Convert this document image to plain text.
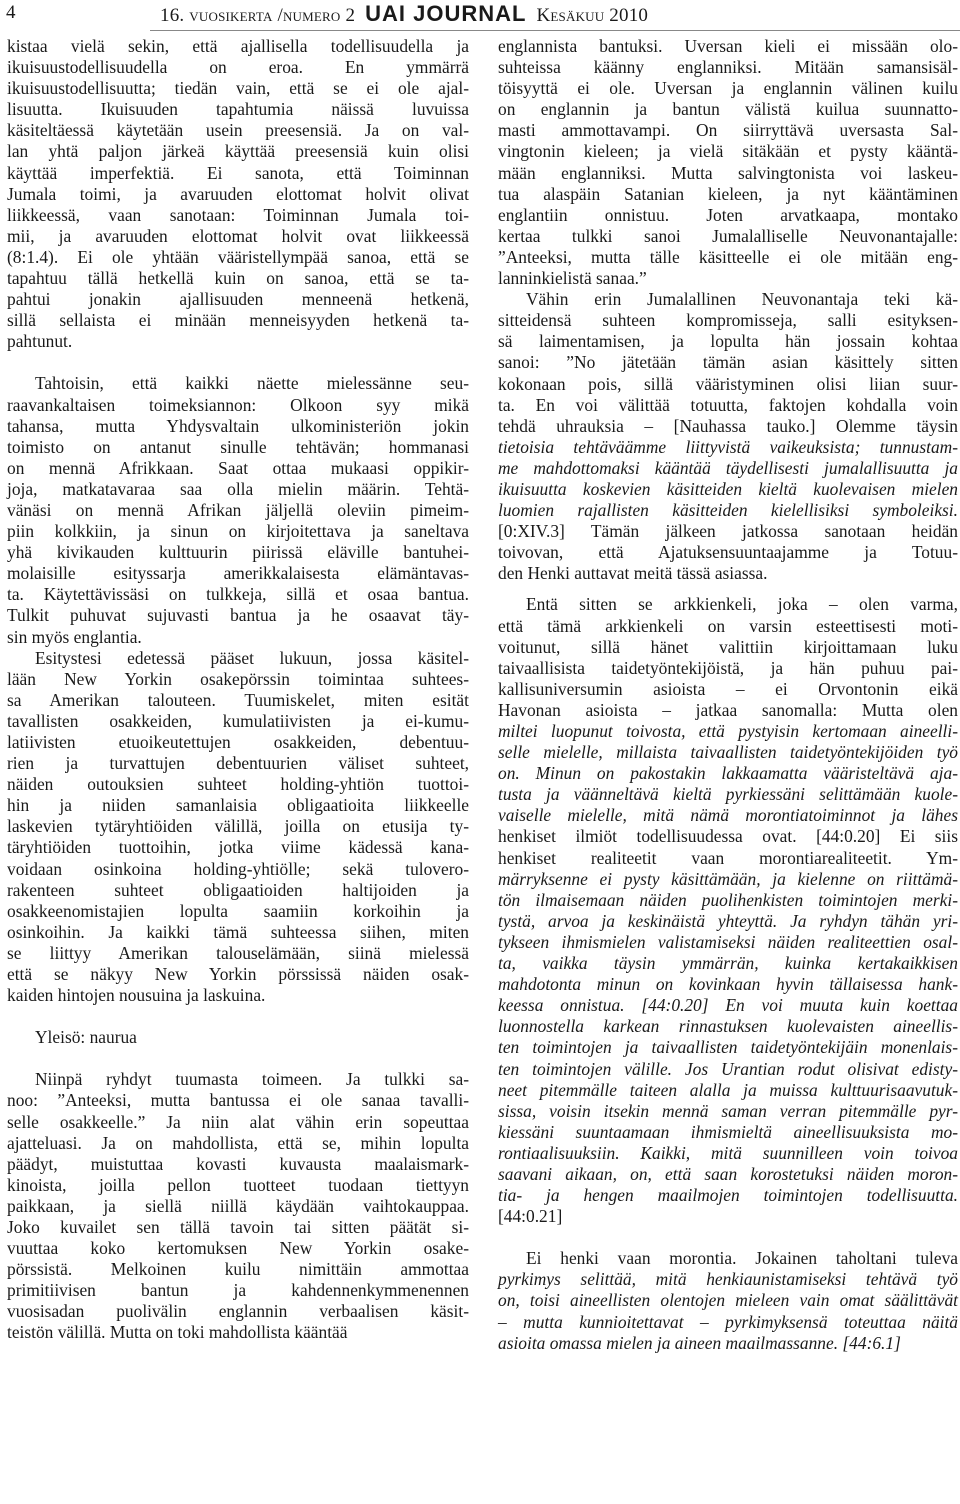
4	16. vuosikerta /numero 2 UAI JOURNAL Kesäkuu 2010
kistaa vielä sekin, että ajallisella todellisuudella ja
ikuisuustodellisuudella on eroa. En ymmärrä
ikuisuustodellisuutta; tiedän vain, että se ei ole ajal-
lisuutta. Ikuisuuden tapahtumia näissä luvuissa
käsiteltäessä käytetään usein preesensiä. Ja on val-
lan yhtä paljon järkeä käyttää preesensiä kuin olisi
käyttää imperfektiä. Ei sanota, että Toiminnan
Jumala toimi, ja avaruuden elottomat holvit olivat
liikkeessä, vaan sanotaan: Toiminnan Jumala toi-
mii, ja avaruuden elottomat holvit ovat liikkeessä
(8:1.4). Ei ole yhtään vääristellympää sanoa, että se
tapahtuu tällä hetkellä kuin on sanoa, että se ta-
pahtui jonakin ajallisuuden menneenä hetkenä,
sillä sellaista ei minään menneisyyden hetkenä ta-
pahtunut.
Tahtoisin, että kaikki näette mielessänne seu-
raavankaltaisen toimeksiannon: Olkoon syy mikä
tahansa, mutta Yhdysvaltain ulkoministeriön jokin
toimisto on antanut sinulle tehtävän; hommanasi
on mennä Afrikkaan. Saat ottaa mukaasi oppikir-
joja, matkatavaraa saa olla mielin määrin. Tehtä-
vänäsi on mennä Afrikan jäljellä oleviin pimeim-
piin kolkkiin, ja sinun on kirjoitettava ja saneltava
yhä kivikauden kulttuurin piirissä eläville bantuhei-
molaisille esityssarja amerikkalaisesta elämäntavas-
ta. Käytettävissäsi on tulkkeja, sillä et osaa bantua.
Tulkit puhuvat sujuvasti bantua ja he osaavat täy-
sin myös englantia.
Esitystesi edetessä pääset lukuun, jossa käsitel-
lään New Yorkin osakepörssin toimintaa suhtees-
sa Amerikan talouteen. Tuumiskelet, miten esität
tavallisten osakkeiden, kumulatiivisten ja ei-kumu-
latiivisten etuoikeutettujen osakkeiden, debentuu-
rien ja turvattujen debentuurien väliset suhteet,
näiden outouksien suhteet holding-yhtiön tuottoi-
hin ja niiden samanlaisia obligaatioita liikkeelle
laskevien tytäryhtiöiden välillä, joilla on etusija ty-
täryhtiöiden tuottoihin, jotka viime kädessä kana-
voidaan osinkoina holding-yhtiölle; sekä tulovero-
rakenteen suhteet obligaatioiden haltijoiden ja
osakkeenomistajien lopulta saamiin korkoihin ja
osinkoihin. Ja kaikki tämä suhteessa siihen, miten
se liittyy Amerikan talouselämään, siinä mielessä
että se näkyy New Yorkin pörssissä näiden osak-
kaiden hintojen nousuina ja laskuina.

Yleisö: naurua

Niinpä ryhdyt tuumasta toimeen. Ja tulkki sa-
noo: ”Anteeksi, mutta bantussa ei ole sanaa tavalli-
selle osakkeelle.” Ja niin alat vähin erin sopeuttaa
ajatteluasi. Ja on mahdollista, että se, mihin lopulta
päädyt, muistuttaa kovasti kuvausta maalaismark-
kinoista, joilla pellon tuotteet tuodaan tiettyyn
paikkaan, ja siellä niillä käydään vaihtokauppaa.
Joko kuvailet sen tällä tavoin tai sitten päätät si-
vuuttaa koko kertomuksen New Yorkin osake-
pörssistä. Melkoinen kuilu nimittäin ammottaa
primitiivisen bantun ja kahdennenkymmenennen
vuosisadan puolivälin englannin verbaalisen käsit-
teistön välillä. Mutta on toki mahdollista kääntää
englannista bantuksi. Uversan kieli ei missään olo-
suhteissa käänny englanniksi. Mitään samansisäl-
töisyyttä ei ole. Uversan ja englannin välinen kuilu
on englannin ja bantun välistä kuilua suunnatto-
masti ammottavampi. On siirryttävä uversasta Sal-
vingtonin kieleen; ja vielä sitäkään et pysty kääntä-
mään englanniksi. Mutta salvingtonista voi laskeu-
tua alaspäin Satanian kieleen, ja nyt kääntäminen
englantiin onnistuu. Joten arvatkaapa, montako
kertaa tulkki sanoi Jumalalliselle Neuvonantajalle:
”Anteeksi, mutta tälle käsitteelle ei ole mitään eng-
lanninkielistä sanaa.”
Vähin erin Jumalallinen Neuvonantaja teki kä-
sitteidensä suhteen kompromisseja, salli esityksen-
sä laimentamisen, ja lopulta hän jossain kohtaa
sanoi: ”No jätetään tämän asian käsittely sitten
kokonaan pois, sillä vääristyminen olisi liian suur-
ta. En voi välittää totuutta, faktojen kohdalla voin
tehdä uhrauksia – [Nauhassa tauko.] Olemme täysin
tietoisia tehtäväämme liittyvistä vaikeuksista; tunnustam-
me mahdottomaksi kääntää täydellisesti jumalallisuutta ja
ikuisuutta koskevien käsitteiden kieltä kuolevaisen mielen
luomien rajallisten käsitteiden kielellisiksi symboleiksi.
[0:XIV.3] Tämän jälkeen jatkossa sanotaan heidän
toivovan, että Ajatuksensuuntaajamme ja Totuu-
den Henki auttavat meitä tässä asiassa.
Entä sitten se arkkienkeli, joka – olen varma,
että tämä arkkienkeli on varsin esteettisesti moti-
voitunut, sillä hänet valittiin kirjoittamaan luku
taivaallisista taidetyöntekijöistä, ja hän puhuu pai-
kallisuniversumin asioista – ei Orvontonin eikä
Havonan asioista – jatkaa sanomalla: Mutta olen
miltei luopunut toivosta, että pystyisin kertomaan aineelli-
selle mielelle, millaista taivaallisten taidetyöntekijöiden työ
on. Minun on pakostakin lakkaamatta vääristeltävä aja-
tusta ja väänneltävä kieltä pyrkiessäni selittämään kuole-
vaiselle mielelle, mitä nämä morontiatoiminnot ja lähes
henkiset ilmiöt todellisuudessa ovat. [44:0.20] Ei siis
henkiset realiteetit vaan morontiarealiteetit. Ym-
märryksenne ei pysty käsittämään, ja kielenne on riittämä-
tön ilmaisemaan näiden puolihenkisten toimintojen merki-
tystä, arvoa ja keskinäistä yhteyttä. Ja ryhdyn tähän yri-
tykseen ihmismielen valistamiseksi näiden realiteettien osal-
ta, vaikka täysin ymmärrän, kuinka kertakaikkisen
mahdotonta minun on kovinkaan hyvin tällaisessa hank-
keessa onnistua. [44:0.20] En voi muuta kuin koettaa
luonnostella karkean rinnastuksen kuolevaisten aineellis-
ten toimintojen ja taivaallisten taidetyöntekijäin monenlais-
ten toimintojen välille. Jos Urantian rodut olisivat edisty-
neet pitemmälle taiteen alalla ja muissa kulttuurisaavutuk-
sissa, voisin itsekin mennä saman verran pitemmälle pyr-
kiessäni suuntaamaan ihmismieltä aineellisuuksista mo-
rontiaalisuuksiin. Kaikki, mitä suunnilleen voin toivoa
saavani aikaan, on, että saan korostetuksi näiden moron-
tia- ja hengen maailmojen toimintojen todellisuutta.
[44:0.21]
Ei henki vaan morontia. Jokainen taholtani tuleva
pyrkimys selittää, mitä henkiaunistamiseksi tehtävä työ
on, toisi aineellisten olentojen mieleen vain omat säälittävät
– mutta kunnioitettavat – pyrkimyksensä toteuttaa näitä
asioita omassa mielen ja aineen maailmassanne. [44:6.1]
